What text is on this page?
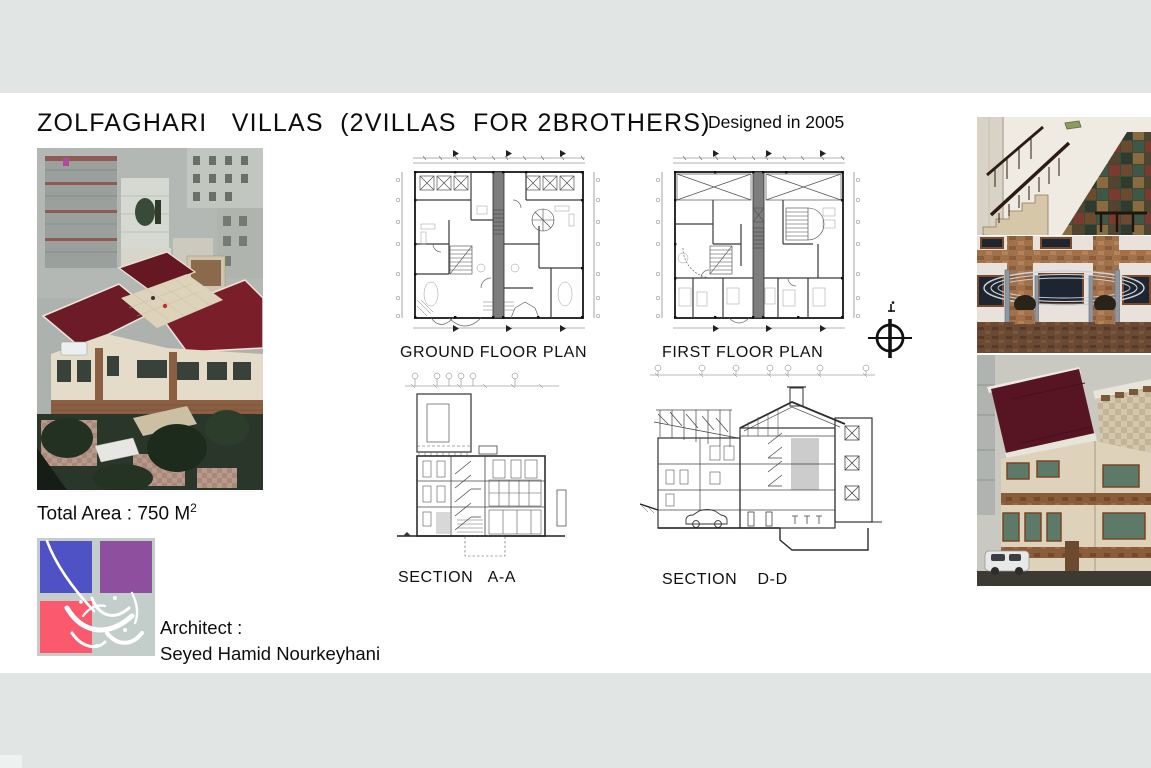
ZOLFAGHARI   VILLAS  (2VILLAS  FOR 2BROTHERS)
Designed in 2005
GROUND FLOOR PLAN	FIRST FLOOR PLAN
SECTION   A-A	SECTION    D-D
Total Area : 750 $M^2$
Architect :
Seyed Hamid Nourkeyhani
